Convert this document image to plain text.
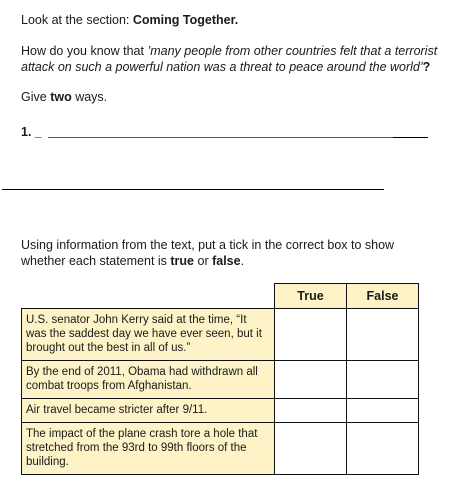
Look at the section: Coming Together.

How do you know that ’many people from other countries felt that a terrorist attack on such a powerful nation was a threat to peace around the world’?

Give two ways.

1. _

Using information from the text, put a tick in the correct box to show whether each statement is true or false.

	True	False
U.S. senator John Kerry said at the time, “It was the saddest day we have ever seen, but it brought out the best in all of us.”		
By the end of 2011, Obama had withdrawn all combat troops from Afghanistan.		
Air travel became stricter after 9/11.		
The impact of the plane crash tore a hole that stretched from the 93rd to 99th floors of the building.		
